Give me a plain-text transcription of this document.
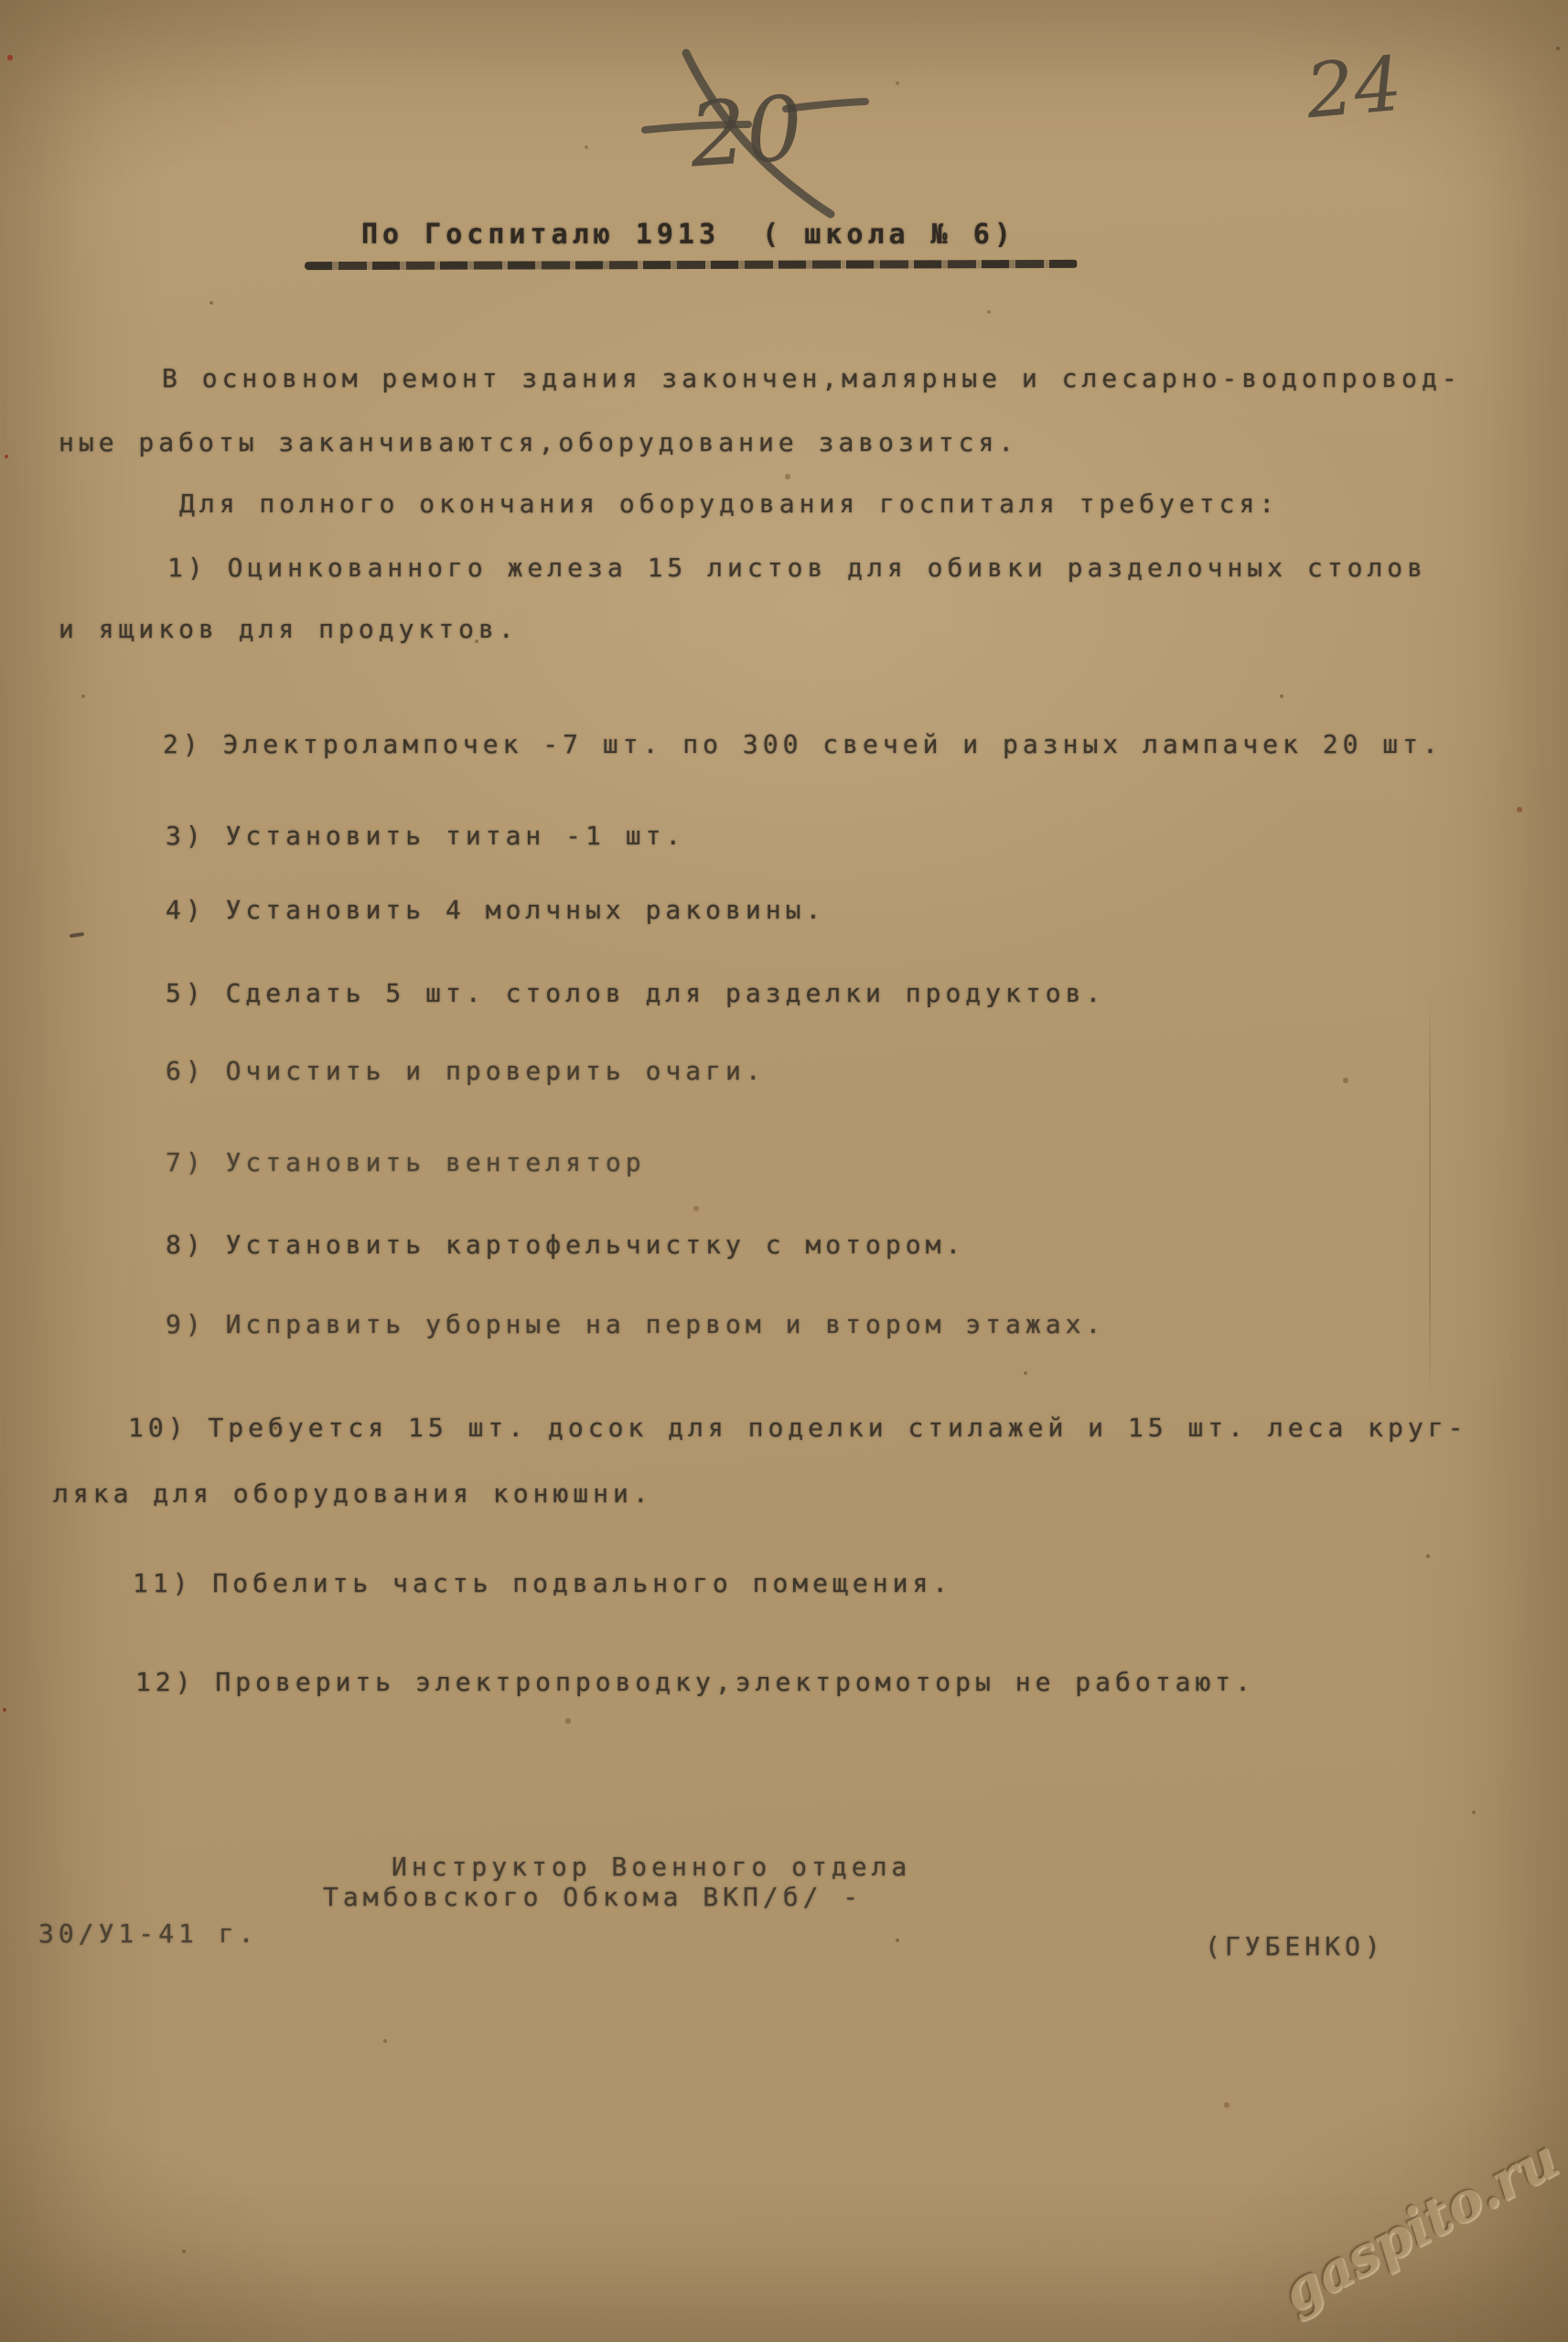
20	24
По Госпиталю 1913  ( школа № 6)
В основном ремонт здания закончен,малярные и слесарно-водопровод-
ные работы заканчиваются,оборудование завозится.
Для полного окончания оборудования госпиталя требуется:
1) Оцинкованного железа 15 листов для обивки разделочных столов
и ящиков для продуктов.
2) Электролампочек -7 шт. по 300 свечей и разных лампачек 20 шт.
3) Установить титан -1 шт.
4) Установить 4 молчных раковины.
5) Сделать 5 шт. столов для разделки продуктов.
6) Очистить и проверить очаги.
7) Установить вентелятор
8) Установить картофельчистку с мотором.
9) Исправить уборные на первом и втором этажах.
10) Требуется 15 шт. досок для поделки стилажей и 15 шт. леса круг-
ляка для оборудования конюшни.
11) Побелить часть подвального помещения.
12) Проверить электропроводку,электромоторы не работают.
Инструктор Военного отдела
Тамбовского Обкома ВКП/б/ -
30/У1-41 г.	(ГУБЕНКО)
gaspito.ru
